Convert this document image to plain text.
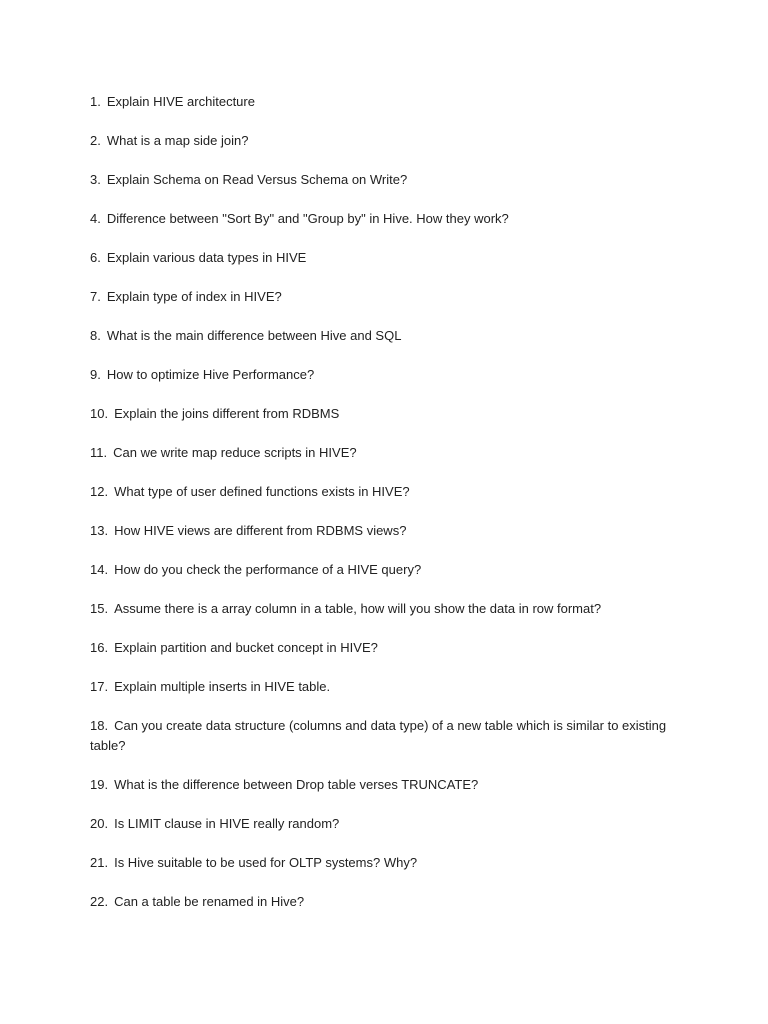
1. Explain HIVE architecture
2. What is a map side join?
3. Explain Schema on Read Versus Schema on Write?
4. Difference between "Sort By" and "Group by" in Hive. How they work?
6. Explain various data types in HIVE
7. Explain type of index in HIVE?
8. What is the main difference between Hive and SQL
9. How to optimize Hive Performance?
10. Explain the joins different from RDBMS
11. Can we write map reduce scripts in HIVE?
12. What type of user defined functions exists in HIVE?
13. How HIVE views are different from RDBMS views?
14. How do you check the performance of a HIVE query?
15. Assume there is a array column in a table, how will you show the data in row format?
16. Explain partition and bucket concept in HIVE?
17. Explain multiple inserts in HIVE table.
18. Can you create data structure (columns and data type) of a new table which is similar to existing table?
19. What is the difference between Drop table verses TRUNCATE?
20. Is LIMIT clause in HIVE really random?
21. Is Hive suitable to be used for OLTP systems? Why?
22. Can a table be renamed in Hive?
